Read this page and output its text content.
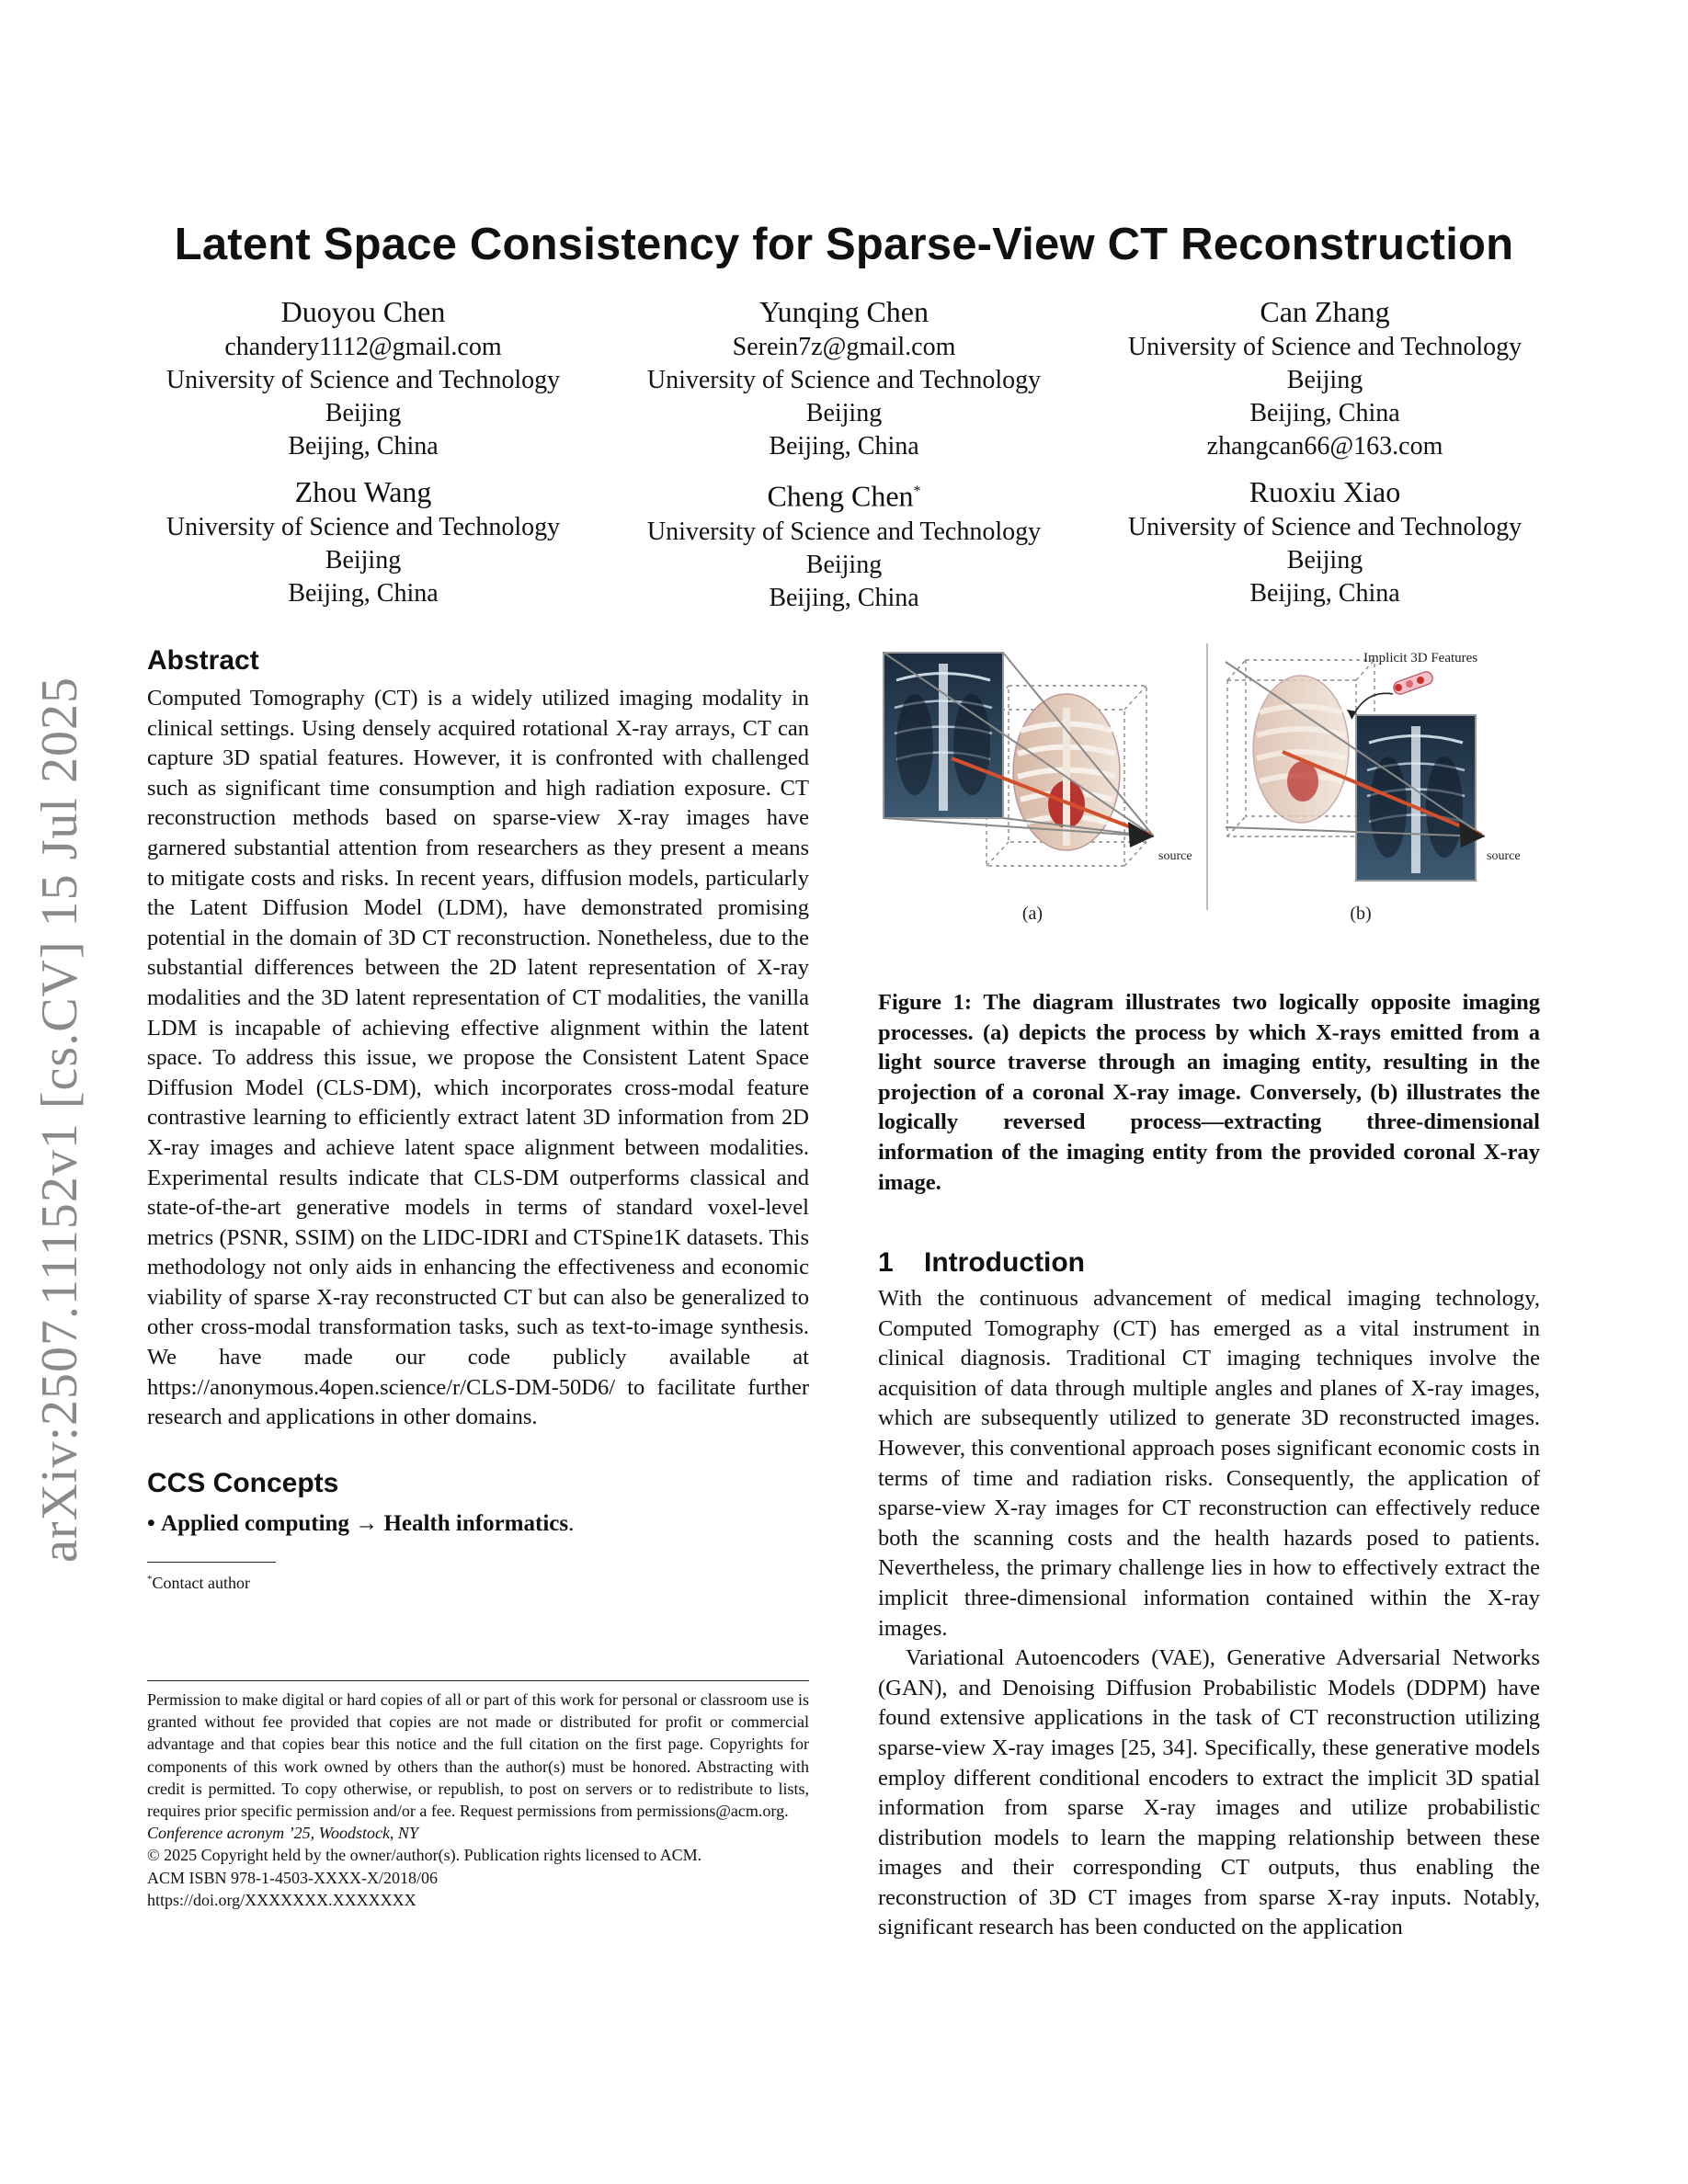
arXiv:2507.11152v1 [cs.CV] 15 Jul 2025
Latent Space Consistency for Sparse-View CT Reconstruction
Duoyou Chen
chandery1112@gmail.com
University of Science and Technology
Beijing
Beijing, China
Yunqing Chen
Serein7z@gmail.com
University of Science and Technology
Beijing
Beijing, China
Can Zhang
University of Science and Technology
Beijing
Beijing, China
zhangcan66@163.com
Zhou Wang
University of Science and Technology
Beijing
Beijing, China
Cheng Chen*
University of Science and Technology
Beijing
Beijing, China
Ruoxiu Xiao
University of Science and Technology
Beijing
Beijing, China
Abstract

Computed Tomography (CT) is a widely utilized imaging modality in clinical settings. Using densely acquired rotational X-ray arrays, CT can capture 3D spatial features. However, it is confronted with challenged such as significant time consumption and high radiation exposure. CT reconstruction methods based on sparse-view X-ray images have garnered substantial attention from researchers as they present a means to mitigate costs and risks. In recent years, diffusion models, particularly the Latent Diffusion Model (LDM), have demonstrated promising potential in the domain of 3D CT reconstruction. Nonetheless, due to the substantial differences between the 2D latent representation of X-ray modalities and the 3D latent representation of CT modalities, the vanilla LDM is incapable of achieving effective alignment within the latent space. To address this issue, we propose the Consistent Latent Space Diffusion Model (CLS-DM), which incorporates cross-modal feature contrastive learning to efficiently extract latent 3D information from 2D X-ray images and achieve latent space alignment between modalities. Experimental results indicate that CLS-DM outperforms classical and state-of-the-art generative models in terms of standard voxel-level metrics (PSNR, SSIM) on the LIDC-IDRI and CTSpine1K datasets. This methodology not only aids in enhancing the effectiveness and economic viability of sparse X-ray reconstructed CT but can also be generalized to other cross-modal transformation tasks, such as text-to-image synthesis. We have made our code publicly available at https://anonymous.4open.science/r/CLS-DM-50D6/ to facilitate further research and applications in other domains.

CCS Concepts
• Applied computing → Health informatics.
*Contact author

Permission to make digital or hard copies of all or part of this work for personal or classroom use is granted without fee provided that copies are not made or distributed for profit or commercial advantage and that copies bear this notice and the full citation on the first page. Copyrights for components of this work owned by others than the author(s) must be honored. Abstracting with credit is permitted. To copy otherwise, or republish, to post on servers or to redistribute to lists, requires prior specific permission and/or a fee. Request permissions from permissions@acm.org.

Conference acronym ’25, Woodstock, NY

© 2025 Copyright held by the owner/author(s). Publication rights licensed to ACM.

ACM ISBN 978-1-4503-XXXX-X/2018/06

https://doi.org/XXXXXXX.XXXXXXX

source
(a)
source
Implicit 3D Features
(b)
Figure 1: The diagram illustrates two logically opposite imaging processes. (a) depicts the process by which X-rays emitted from a light source traverse through an imaging entity, resulting in the projection of a coronal X-ray image. Conversely, (b) illustrates the logically reversed process—extracting three-dimensional information of the imaging entity from the provided coronal X-ray image.
1    Introduction

With the continuous advancement of medical imaging technology, Computed Tomography (CT) has emerged as a vital instrument in clinical diagnosis. Traditional CT imaging techniques involve the acquisition of data through multiple angles and planes of X-ray images, which are subsequently utilized to generate 3D reconstructed images. However, this conventional approach poses significant economic costs in terms of time and radiation risks. Consequently, the application of sparse-view X-ray images for CT reconstruction can effectively reduce both the scanning costs and the health hazards posed to patients. Nevertheless, the primary challenge lies in how to effectively extract the implicit three-dimensional information contained within the X-ray images.

Variational Autoencoders (VAE), Generative Adversarial Networks (GAN), and Denoising Diffusion Probabilistic Models (DDPM) have found extensive applications in the task of CT reconstruction utilizing sparse-view X-ray images [25, 34]. Specifically, these generative models employ different conditional encoders to extract the implicit 3D spatial information from sparse X-ray images and utilize probabilistic distribution models to learn the mapping relationship between these images and their corresponding CT outputs, thus enabling the reconstruction of 3D CT images from sparse X-ray inputs. Notably, significant research has been conducted on the application
